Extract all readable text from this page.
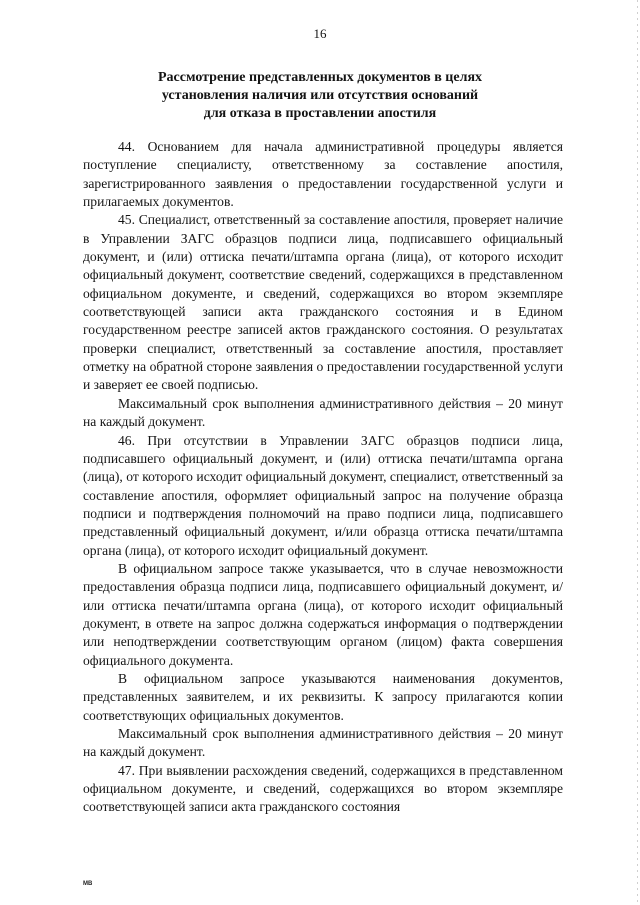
16
Рассмотрение представленных документов в целях
установления наличия или отсутствия оснований
для отказа в проставлении апостиля

44. Основанием для начала административной процедуры является поступление специалисту, ответственному за составление апостиля, зарегистрированного заявления о предоставлении государственной услуги и прилагаемых документов.

45. Специалист, ответственный за составление апостиля, проверяет наличие в Управлении ЗАГС образцов подписи лица, подписавшего официальный документ, и (или) оттиска печати/штампа органа (лица), от которого исходит официальный документ, соответствие сведений, содержащихся в представленном официальном документе, и сведений, содержащихся во втором экземпляре соответствующей записи акта гражданского состояния и в Едином государственном реестре записей актов гражданского состояния. О результатах проверки специалист, ответственный за составление апостиля, проставляет отметку на обратной стороне заявления о предоставлении государственной услуги и заверяет ее своей подписью.

Максимальный срок выполнения административного действия – 20 минут на каждый документ.

46. При отсутствии в Управлении ЗАГС образцов подписи лица, подписавшего официальный документ, и (или) оттиска печати/штампа органа (лица), от которого исходит официальный документ, специалист, ответственный за составление апостиля, оформляет официальный запрос на получение образца подписи и подтверждения полномочий на право подписи лица, подписавшего представленный официальный документ, и/или образца оттиска печати/штампа органа (лица), от которого исходит официальный документ.

В официальном запросе также указывается, что в случае невозможности предоставления образца подписи лица, подписавшего официальный документ, и/или оттиска печати/штампа органа (лица), от которого исходит официальный документ, в ответе на запрос должна содержаться информация о подтверждении или неподтверждении соответствующим органом (лицом) факта совершения официального документа.

В официальном запросе указываются наименования документов, представленных заявителем, и их реквизиты. К запросу прилагаются копии соответствующих официальных документов.

Максимальный срок выполнения административного действия – 20 минут на каждый документ.

47. При выявлении расхождения сведений, содержащихся в представленном официальном документе, и сведений, содержащихся во втором экземпляре соответствующей записи акта гражданского состояния

MB
